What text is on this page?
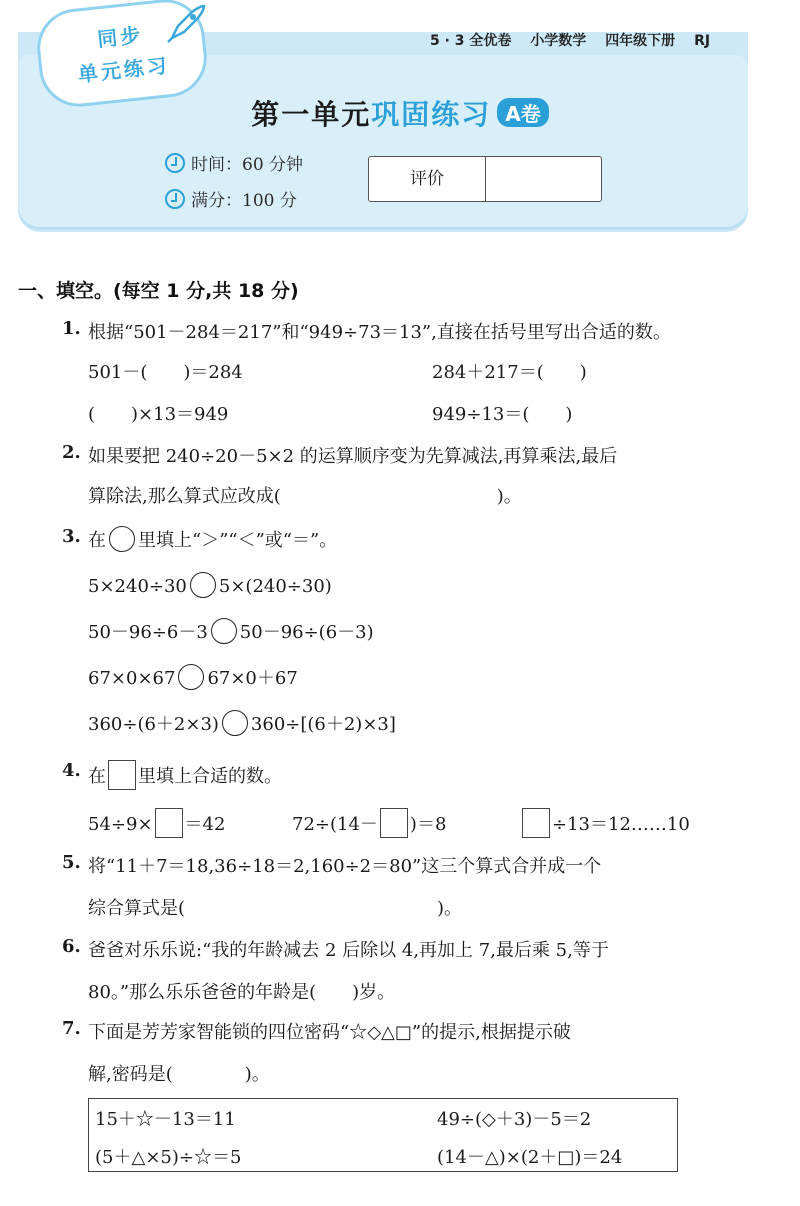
同步
单元练习
5 · 3 全优卷 小学数学 四年级下册 RJ
第一单元巩固练习 A卷
时间：60 分钟
满分：100 分
评价
一、填空。(每空 1 分,共 18 分)
1. 根据“501－284＝217”和“949÷73＝13”,直接在括号里写出合适的数。
501－(　　)＝284	284＋217＝(　　)
(　　)×13＝949	949÷13＝(　　)
2. 如果要把 240÷20－5×2 的运算顺序变为先算减法,再算乘法,最后
算除法,那么算式应改成(　　　　　　　　　　　　)。
3. 在 里填上“＞”“＜”或“＝”。
5×240÷30 5×(240÷30)
50－96÷6－3 50－96÷(6－3)
67×0×67 67×0＋67
360÷(6＋2×3) 360÷[(6＋2)×3]
4. 在 里填上合适的数。
54÷9× ＝42	72÷(14－ )＝8	÷13＝12……10
5. 将“11＋7＝18,36÷18＝2,160÷2＝80”这三个算式合并成一个
综合算式是(　　　　　　　　　　　　　　)。
6. 爸爸对乐乐说:“我的年龄减去 2 后除以 4,再加上 7,最后乘 5,等于
80。”那么乐乐爸爸的年龄是(　　)岁。
7. 下面是芳芳家智能锁的四位密码“☆◇△□”的提示,根据提示破
解,密码是(　　　　)。
15＋☆－13＝11	49÷(◇＋3)－5＝2
(5＋△×5)÷☆＝5	(14－△)×(2＋□)＝24
